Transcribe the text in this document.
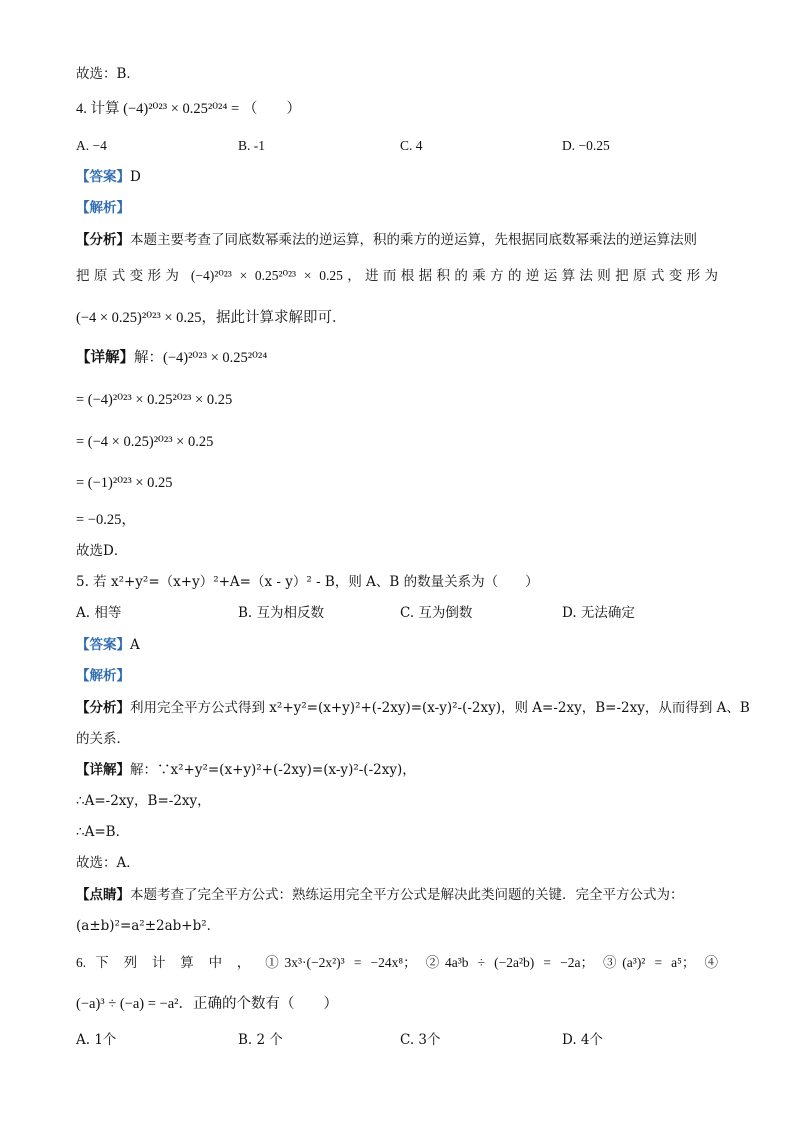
故选：B．
4. 计算 (−4)²⁰²³ × 0.25²⁰²⁴ = （　　）
A. −4	B. -1	C. 4	D. −0.25
【答案】D
【解析】
【分析】本题主要考查了同底数幂乘法的逆运算，积的乘方的逆运算，先根据同底数幂乘法的逆运算法则
把原式变形为 (−4)²⁰²³ × 0.25²⁰²³ × 0.25，进而根据积的乘方的逆运算法则把原式变形为
(−4 × 0.25)²⁰²³ × 0.25，据此计算求解即可．
【详解】解：(−4)²⁰²³ × 0.25²⁰²⁴
= (−4)²⁰²³ × 0.25²⁰²³ × 0.25
= (−4 × 0.25)²⁰²³ × 0.25
= (−1)²⁰²³ × 0.25
= −0.25，
故选D．
5. 若 x²+y²=（x+y）²+A=（x - y）² - B，则 A、B 的数量关系为（　　）
A. 相等	B. 互为相反数	C. 互为倒数	D. 无法确定
【答案】A
【解析】
【分析】利用完全平方公式得到 x²+y²=(x+y)²+(-2xy)=(x-y)²-(-2xy)，则 A=-2xy，B=-2xy，从而得到 A、B
的关系．
【详解】解：∵x²+y²=(x+y)²+(-2xy)=(x-y)²-(-2xy)，
∴A=-2xy，B=-2xy，
∴A=B．
故选：A．
【点睛】本题考查了完全平方公式：熟练运用完全平方公式是解决此类问题的关键．完全平方公式为：
(a±b)²=a²±2ab+b²．
6. 下 列 计 算 中 ， ①3x³·(−2x²)³ = −24x⁸； ②4a³b ÷ (−2a²b) = −2a； ③(a³)² = a⁵； ④
(−a)³ ÷ (−a) = −a²．正确的个数有（　　）
A. 1个	B. 2 个	C. 3个	D. 4个
